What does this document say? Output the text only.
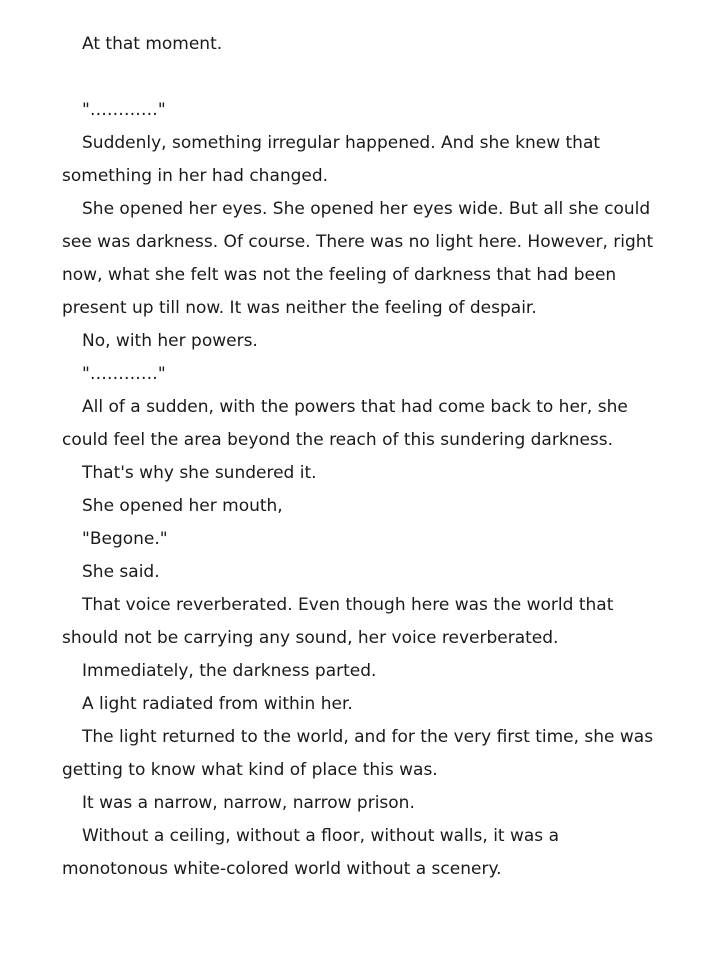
At that moment.

"…………"

Suddenly, something irregular happened. And she knew that something in her had changed.

She opened her eyes. She opened her eyes wide. But all she could see was darkness. Of course. There was no light here. However, right now, what she felt was not the feeling of darkness that had been present up till now. It was neither the feeling of despair.

No, with her powers.

"…………"

All of a sudden, with the powers that had come back to her, she could feel the area beyond the reach of this sundering darkness.

That's why she sundered it.

She opened her mouth,

"Begone."

She said.

That voice reverberated. Even though here was the world that should not be carrying any sound, her voice reverberated.

Immediately, the darkness parted.

A light radiated from within her.

The light returned to the world, and for the very first time, she was getting to know what kind of place this was.

It was a narrow, narrow, narrow prison.

Without a ceiling, without a floor, without walls, it was a monotonous white-colored world without a scenery.
